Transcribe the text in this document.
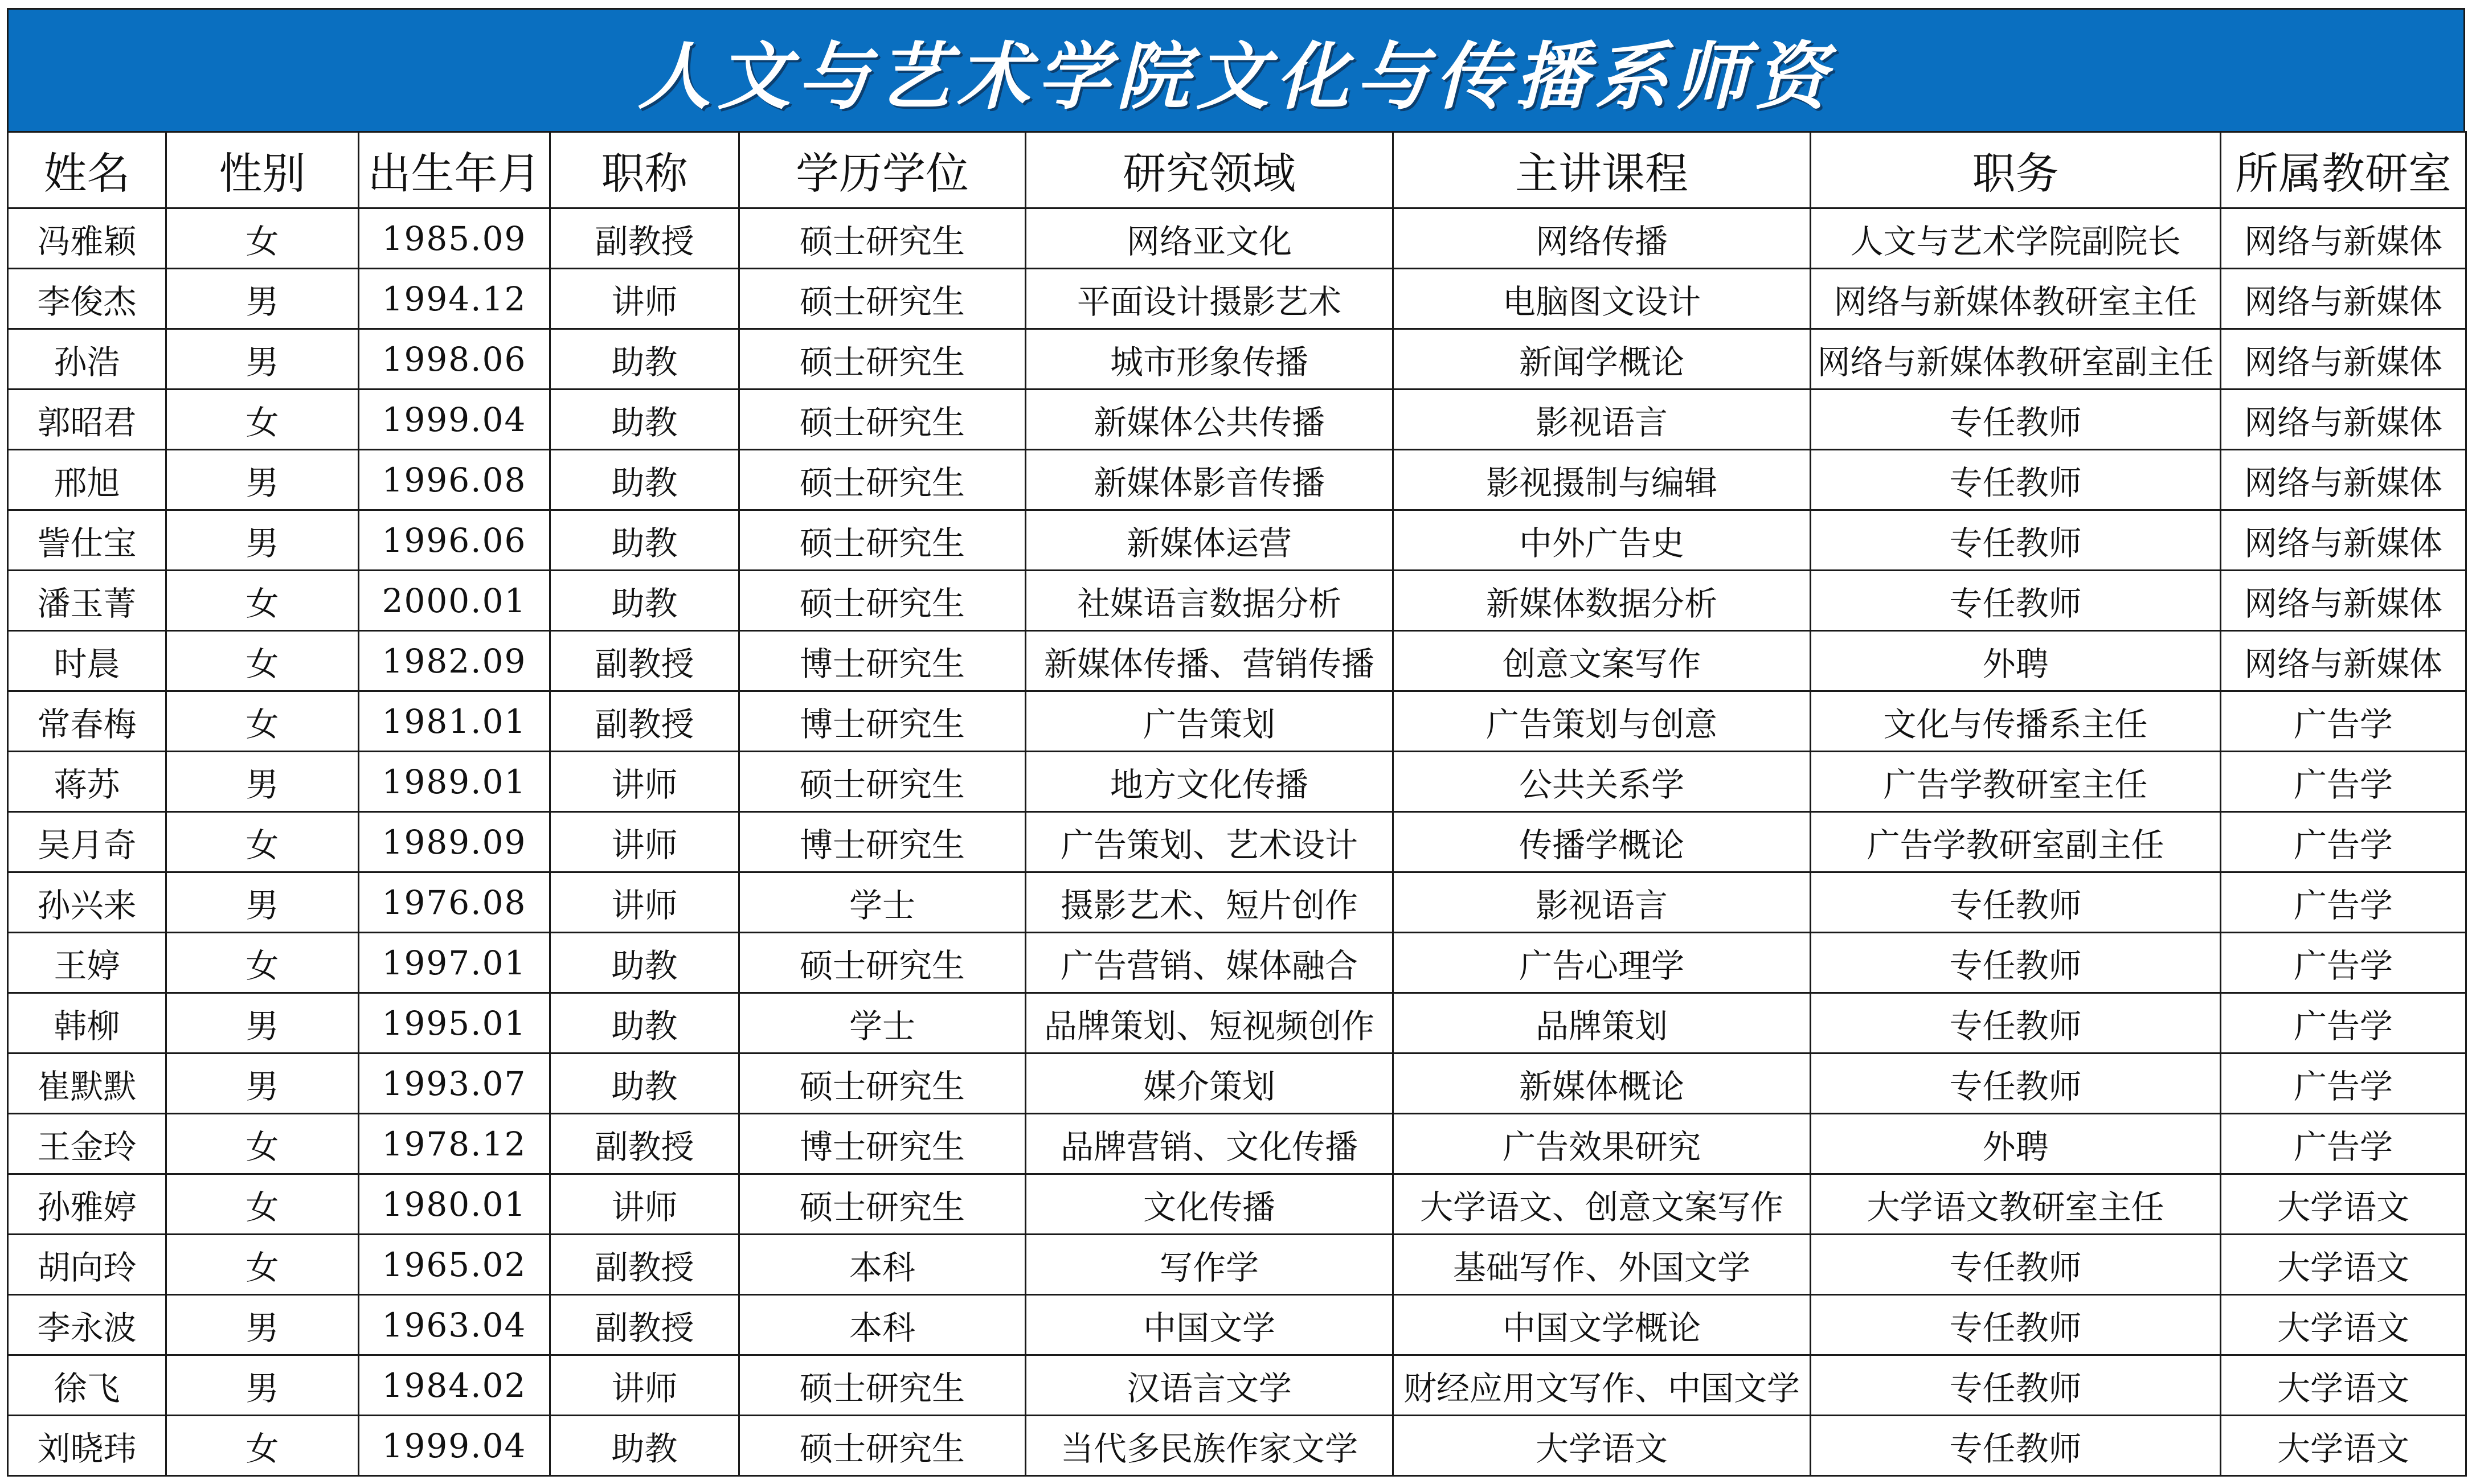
人文与艺术学院文化与传播系师资
姓名	性别	出生年月	职称	学历学位	研究领域	主讲课程	职务	所属教研室
冯雅颖	女	1985.09	副教授	硕士研究生	网络亚文化	网络传播	人文与艺术学院副院长	网络与新媒体
李俊杰	男	1994.12	讲师	硕士研究生	平面设计摄影艺术	电脑图文设计	网络与新媒体教研室主任	网络与新媒体
孙浩	男	1998.06	助教	硕士研究生	城市形象传播	新闻学概论	网络与新媒体教研室副主任	网络与新媒体
郭昭君	女	1999.04	助教	硕士研究生	新媒体公共传播	影视语言	专任教师	网络与新媒体
邢旭	男	1996.08	助教	硕士研究生	新媒体影音传播	影视摄制与编辑	专任教师	网络与新媒体
訾仕宝	男	1996.06	助教	硕士研究生	新媒体运营	中外广告史	专任教师	网络与新媒体
潘玉菁	女	2000.01	助教	硕士研究生	社媒语言数据分析	新媒体数据分析	专任教师	网络与新媒体
时晨	女	1982.09	副教授	博士研究生	新媒体传播、营销传播	创意文案写作	外聘	网络与新媒体
常春梅	女	1981.01	副教授	博士研究生	广告策划	广告策划与创意	文化与传播系主任	广告学
蒋苏	男	1989.01	讲师	硕士研究生	地方文化传播	公共关系学	广告学教研室主任	广告学
吴月奇	女	1989.09	讲师	博士研究生	广告策划、艺术设计	传播学概论	广告学教研室副主任	广告学
孙兴来	男	1976.08	讲师	学士	摄影艺术、短片创作	影视语言	专任教师	广告学
王婷	女	1997.01	助教	硕士研究生	广告营销、媒体融合	广告心理学	专任教师	广告学
韩柳	男	1995.01	助教	学士	品牌策划、短视频创作	品牌策划	专任教师	广告学
崔默默	男	1993.07	助教	硕士研究生	媒介策划	新媒体概论	专任教师	广告学
王金玲	女	1978.12	副教授	博士研究生	品牌营销、文化传播	广告效果研究	外聘	广告学
孙雅婷	女	1980.01	讲师	硕士研究生	文化传播	大学语文、创意文案写作	大学语文教研室主任	大学语文
胡向玲	女	1965.02	副教授	本科	写作学	基础写作、外国文学	专任教师	大学语文
李永波	男	1963.04	副教授	本科	中国文学	中国文学概论	专任教师	大学语文
徐飞	男	1984.02	讲师	硕士研究生	汉语言文学	财经应用文写作、中国文学	专任教师	大学语文
刘晓玮	女	1999.04	助教	硕士研究生	当代多民族作家文学	大学语文	专任教师	大学语文
